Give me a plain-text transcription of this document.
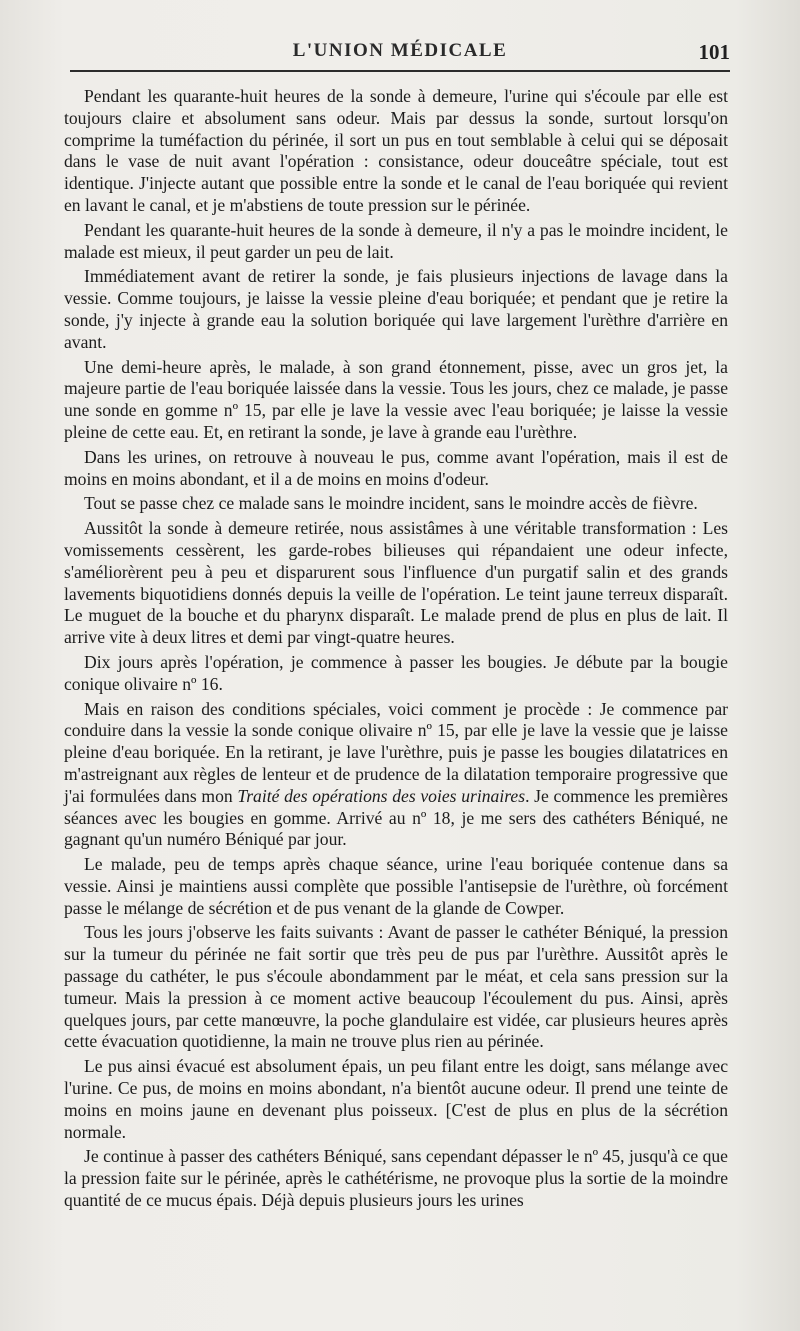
L'UNION MÉDICALE	101

Pendant les quarante-huit heures de la sonde à demeure, l'urine qui s'écoule par elle est toujours claire et absolument sans odeur. Mais par dessus la sonde, surtout lorsqu'on comprime la tuméfaction du périnée, il sort un pus en tout semblable à celui qui se déposait dans le vase de nuit avant l'opération : consistance, odeur douceâtre spéciale, tout est identique. J'injecte autant que possible entre la sonde et le canal de l'eau boriquée qui revient en lavant le canal, et je m'abstiens de toute pression sur le périnée.

Pendant les quarante-huit heures de la sonde à demeure, il n'y a pas le moindre incident, le malade est mieux, il peut garder un peu de lait.

Immédiatement avant de retirer la sonde, je fais plusieurs injections de lavage dans la vessie. Comme toujours, je laisse la vessie pleine d'eau boriquée; et pendant que je retire la sonde, j'y injecte à grande eau la solution boriquée qui lave largement l'urèthre d'arrière en avant.

Une demi-heure après, le malade, à son grand étonnement, pisse, avec un gros jet, la majeure partie de l'eau boriquée laissée dans la vessie. Tous les jours, chez ce malade, je passe une sonde en gomme nº 15, par elle je lave la vessie avec l'eau boriquée; je laisse la vessie pleine de cette eau. Et, en retirant la sonde, je lave à grande eau l'urèthre.

Dans les urines, on retrouve à nouveau le pus, comme avant l'opération, mais il est de moins en moins abondant, et il a de moins en moins d'odeur.

Tout se passe chez ce malade sans le moindre incident, sans le moindre accès de fièvre.

Aussitôt la sonde à demeure retirée, nous assistâmes à une véritable transformation : Les vomissements cessèrent, les garde-robes bilieuses qui répandaient une odeur infecte, s'améliorèrent peu à peu et disparurent sous l'influence d'un purgatif salin et des grands lavements biquotidiens donnés depuis la veille de l'opération. Le teint jaune terreux disparaît. Le muguet de la bouche et du pharynx disparaît. Le malade prend de plus en plus de lait. Il arrive vite à deux litres et demi par vingt-quatre heures.

Dix jours après l'opération, je commence à passer les bougies. Je débute par la bougie conique olivaire nº 16.

Mais en raison des conditions spéciales, voici comment je procède : Je commence par conduire dans la vessie la sonde conique olivaire nº 15, par elle je lave la vessie que je laisse pleine d'eau boriquée. En la retirant, je lave l'urèthre, puis je passe les bougies dilatatrices en m'astreignant aux règles de lenteur et de prudence de la dilatation temporaire progressive que j'ai formulées dans mon Traité des opérations des voies urinaires. Je commence les premières séances avec les bougies en gomme. Arrivé au nº 18, je me sers des cathéters Béniqué, ne gagnant qu'un numéro Béniqué par jour.

Le malade, peu de temps après chaque séance, urine l'eau boriquée contenue dans sa vessie. Ainsi je maintiens aussi complète que possible l'antisepsie de l'urèthre, où forcément passe le mélange de sécrétion et de pus venant de la glande de Cowper.

Tous les jours j'observe les faits suivants : Avant de passer le cathéter Béniqué, la pression sur la tumeur du périnée ne fait sortir que très peu de pus par l'urèthre. Aussitôt après le passage du cathéter, le pus s'écoule abondamment par le méat, et cela sans pression sur la tumeur. Mais la pression à ce moment active beaucoup l'écoulement du pus. Ainsi, après quelques jours, par cette manœuvre, la poche glandulaire est vidée, car plusieurs heures après cette évacuation quotidienne, la main ne trouve plus rien au périnée.

Le pus ainsi évacué est absolument épais, un peu filant entre les doigt, sans mélange avec l'urine. Ce pus, de moins en moins abondant, n'a bientôt aucune odeur. Il prend une teinte de moins en moins jaune en devenant plus poisseux. [C'est de plus en plus de la sécrétion normale.

Je continue à passer des cathéters Béniqué, sans cependant dépasser le nº 45, jusqu'à ce que la pression faite sur le périnée, après le cathétérisme, ne provoque plus la sortie de la moindre quantité de ce mucus épais. Déjà depuis plusieurs jours les urines
